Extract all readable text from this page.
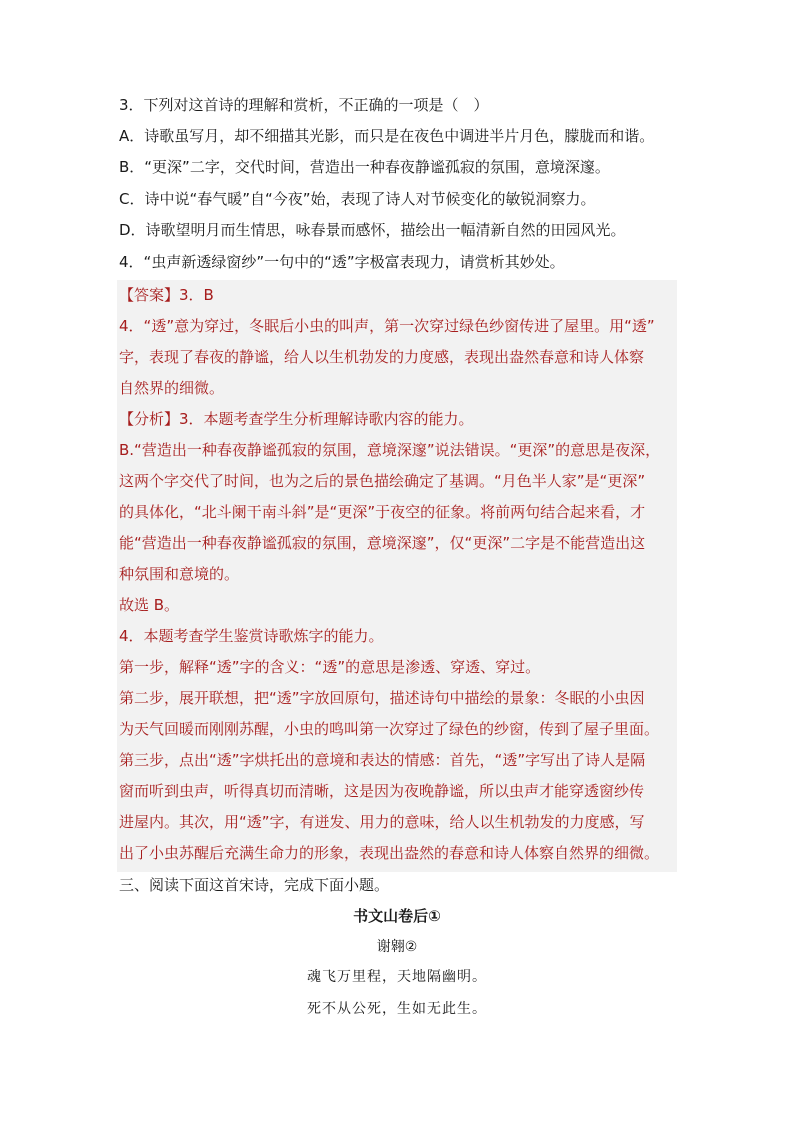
3．下列对这首诗的理解和赏析，不正确的一项是（　）
A．诗歌虽写月，却不细描其光影，而只是在夜色中调进半片月色，朦胧而和谐。
B．“更深”二字，交代时间，营造出一种春夜静谧孤寂的氛围，意境深邃。
C．诗中说“春气暖”自“今夜”始，表现了诗人对节候变化的敏锐洞察力。
D．诗歌望明月而生情思，咏春景而感怀，描绘出一幅清新自然的田园风光。
4．“虫声新透绿窗纱”一句中的“透”字极富表现力，请赏析其妙处。
【答案】3．B
4．“透”意为穿过，冬眠后小虫的叫声，第一次穿过绿色纱窗传进了屋里。用“透”
字，表现了春夜的静谧，给人以生机勃发的力度感，表现出盎然春意和诗人体察
自然界的细微。
【分析】3．本题考查学生分析理解诗歌内容的能力。
B.“营造出一种春夜静谧孤寂的氛围，意境深邃”说法错误。“更深”的意思是夜深，
这两个字交代了时间，也为之后的景色描绘确定了基调。“月色半人家”是“更深”
的具体化，“北斗阑干南斗斜”是“更深”于夜空的征象。将前两句结合起来看，才
能“营造出一种春夜静谧孤寂的氛围，意境深邃”，仅“更深”二字是不能营造出这
种氛围和意境的。
故选 B。
4．本题考查学生鉴赏诗歌炼字的能力。
第一步，解释“透”字的含义：“透”的意思是渗透、穿透、穿过。
第二步，展开联想，把“透”字放回原句，描述诗句中描绘的景象：冬眠的小虫因
为天气回暖而刚刚苏醒，小虫的鸣叫第一次穿过了绿色的纱窗，传到了屋子里面。
第三步，点出“透”字烘托出的意境和表达的情感：首先，“透”字写出了诗人是隔
窗而听到虫声，听得真切而清晰，这是因为夜晚静谧，所以虫声才能穿透窗纱传
进屋内。其次，用“透”字，有迸发、用力的意味，给人以生机勃发的力度感，写
出了小虫苏醒后充满生命力的形象，表现出盎然的春意和诗人体察自然界的细微。
三、阅读下面这首宋诗，完成下面小题。
书文山卷后①
谢翱②
魂飞万里程，天地隔幽明。
死不从公死，生如无此生。
